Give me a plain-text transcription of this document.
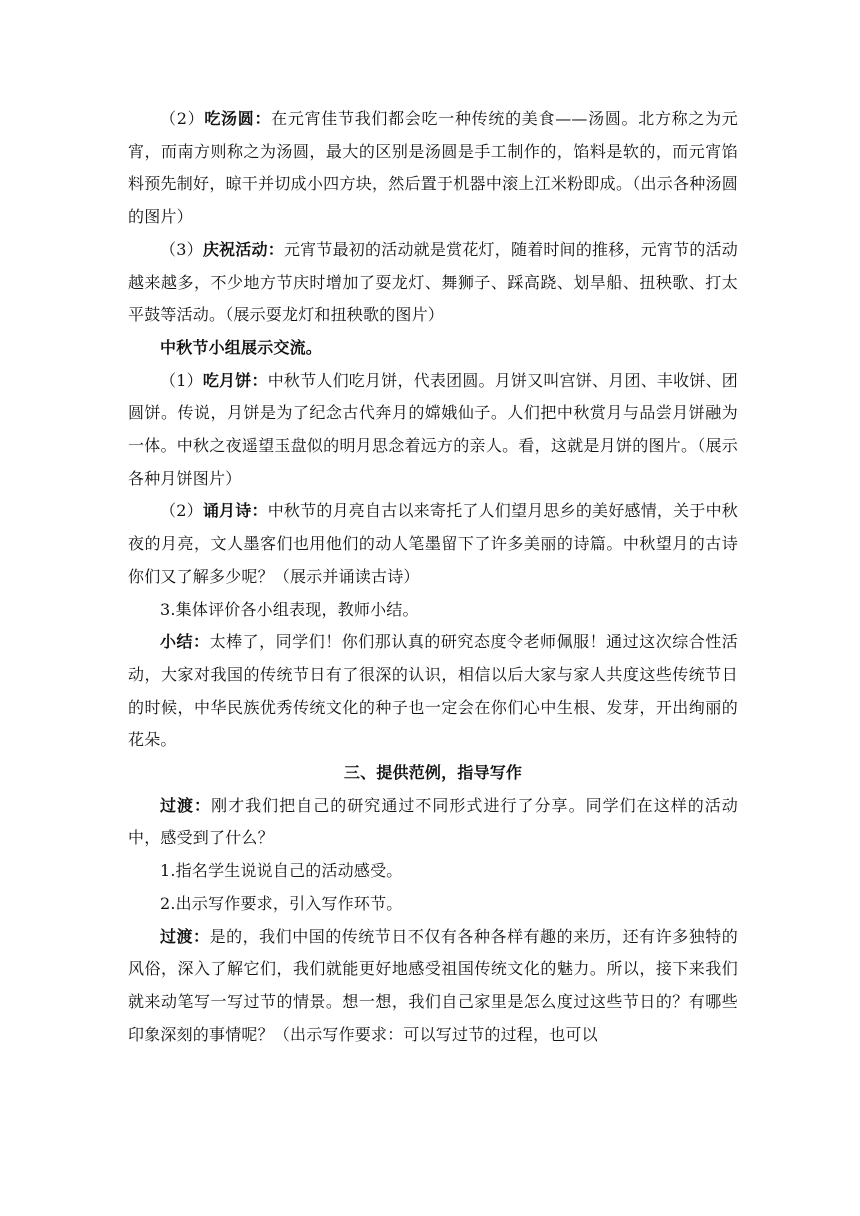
（2）吃汤圆：在元宵佳节我们都会吃一种传统的美食——汤圆。北方称之为元宵，而南方则称之为汤圆，最大的区别是汤圆是手工制作的，馅料是软的，而元宵馅料预先制好，晾干并切成小四方块，然后置于机器中滚上江米粉即成。（出示各种汤圆的图片）

（3）庆祝活动：元宵节最初的活动就是赏花灯，随着时间的推移，元宵节的活动越来越多，不少地方节庆时增加了耍龙灯、舞狮子、踩高跷、划旱船、扭秧歌、打太平鼓等活动。（展示耍龙灯和扭秧歌的图片）

中秋节小组展示交流。

（1）吃月饼：中秋节人们吃月饼，代表团圆。月饼又叫宫饼、月团、丰收饼、团圆饼。传说，月饼是为了纪念古代奔月的嫦娥仙子。人们把中秋赏月与品尝月饼融为一体。中秋之夜遥望玉盘似的明月思念着远方的亲人。看，这就是月饼的图片。（展示各种月饼图片）

（2）诵月诗：中秋节的月亮自古以来寄托了人们望月思乡的美好感情，关于中秋夜的月亮，文人墨客们也用他们的动人笔墨留下了许多美丽的诗篇。中秋望月的古诗你们又了解多少呢？（展示并诵读古诗）

3.集体评价各小组表现，教师小结。

小结：太棒了，同学们！你们那认真的研究态度令老师佩服！通过这次综合性活动，大家对我国的传统节日有了很深的认识，相信以后大家与家人共度这些传统节日的时候，中华民族优秀传统文化的种子也一定会在你们心中生根、发芽，开出绚丽的花朵。

三、提供范例，指导写作

过渡：刚才我们把自己的研究通过不同形式进行了分享。同学们在这样的活动中，感受到了什么？

1.指名学生说说自己的活动感受。

2.出示写作要求，引入写作环节。

过渡：是的，我们中国的传统节日不仅有各种各样有趣的来历，还有许多独特的风俗，深入了解它们，我们就能更好地感受祖国传统文化的魅力。所以，接下来我们就来动笔写一写过节的情景。想一想，我们自己家里是怎么度过这些节日的？有哪些印象深刻的事情呢？（出示写作要求：可以写过节的过程，也可以
